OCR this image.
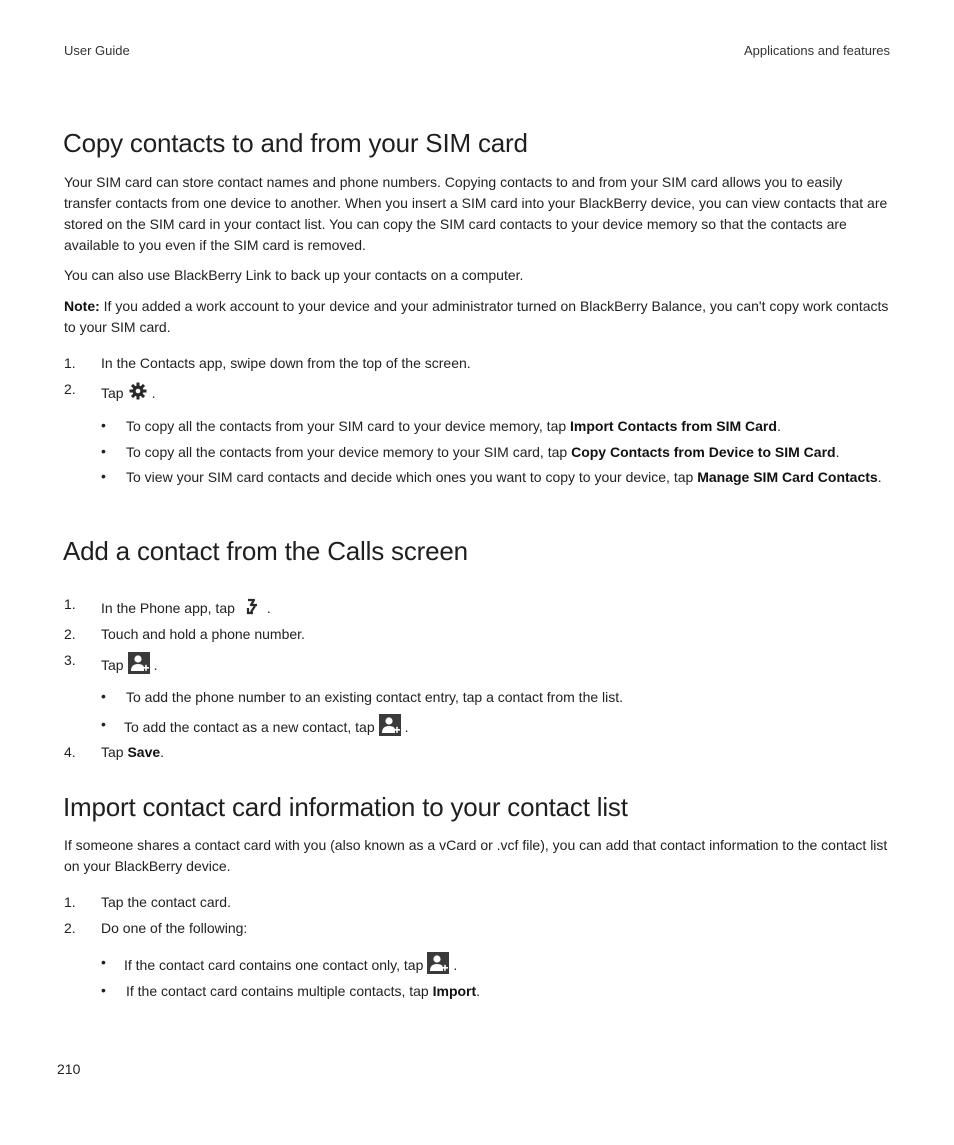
User Guide	Applications and features
Copy contacts to and from your SIM card

Your SIM card can store contact names and phone numbers. Copying contacts to and from your SIM card allows you to easily transfer contacts from one device to another. When you insert a SIM card into your BlackBerry device, you can view contacts that are stored on the SIM card in your contact list. You can copy the SIM card contacts to your device memory so that the contacts are available to you even if the SIM card is removed.

You can also use BlackBerry Link to back up your contacts on a computer.

Note: If you added a work account to your device and your administrator turned on BlackBerry Balance, you can't copy work contacts to your SIM card.

1. In the Contacts app, swipe down from the top of the screen.
2. Tap .
• To copy all the contacts from your SIM card to your device memory, tap Import Contacts from SIM Card.
• To copy all the contacts from your device memory to your SIM card, tap Copy Contacts from Device to SIM Card.
• To view your SIM card contacts and decide which ones you want to copy to your device, tap Manage SIM Card Contacts.
Add a contact from the Calls screen
1. In the Phone app, tap .
2. Touch and hold a phone number.
3. Tap .
• To add the phone number to an existing contact entry, tap a contact from the list.
• To add the contact as a new contact, tap .
4. Tap Save.
Import contact card information to your contact list

If someone shares a contact card with you (also known as a vCard or .vcf file), you can add that contact information to the contact list on your BlackBerry device.

1. Tap the contact card.
2. Do one of the following:
• If the contact card contains one contact only, tap .
• If the contact card contains multiple contacts, tap Import.
210
